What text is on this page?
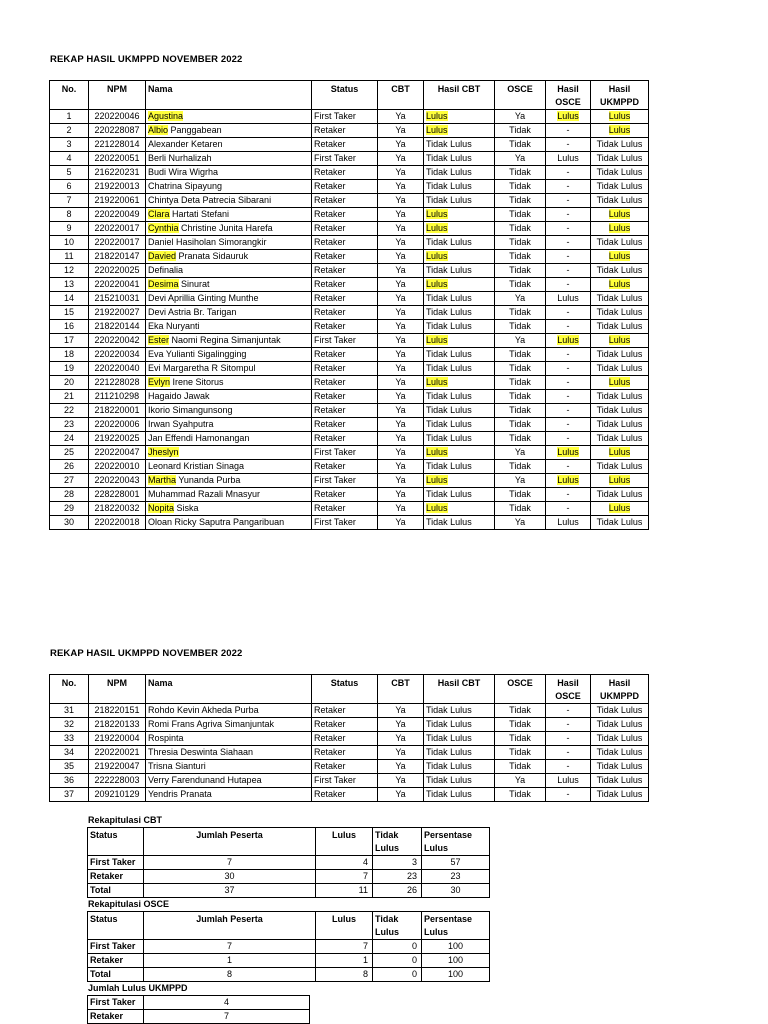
REKAP HASIL UKMPPD NOVEMBER 2022
No.	NPM	Nama	Status	CBT	Hasil CBT	OSCE	Hasil OSCE	Hasil UKMPPD
1	220220046	Agustina	First Taker	Ya	Lulus	Ya	Lulus	Lulus
2	220228087	Albio Panggabean	Retaker	Ya	Lulus	Tidak	-	Lulus
3	221228014	Alexander Ketaren	Retaker	Ya	Tidak Lulus	Tidak	-	Tidak Lulus
4	220220051	Berli Nurhalizah	First Taker	Ya	Tidak Lulus	Ya	Lulus	Tidak Lulus
5	216220231	Budi Wira Wigrha	Retaker	Ya	Tidak Lulus	Tidak	-	Tidak Lulus
6	219220013	Chatrina Sipayung	Retaker	Ya	Tidak Lulus	Tidak	-	Tidak Lulus
7	219220061	Chintya Deta Patrecia Sibarani	Retaker	Ya	Tidak Lulus	Tidak	-	Tidak Lulus
8	220220049	Clara Hartati Stefani	Retaker	Ya	Lulus	Tidak	-	Lulus
9	220220017	Cynthia Christine Junita Harefa	Retaker	Ya	Lulus	Tidak	-	Lulus
10	220220017	Daniel Hasiholan Simorangkir	Retaker	Ya	Tidak Lulus	Tidak	-	Tidak Lulus
11	218220147	Davied Pranata Sidauruk	Retaker	Ya	Lulus	Tidak	-	Lulus
12	220220025	Definalia	Retaker	Ya	Tidak Lulus	Tidak	-	Tidak Lulus
13	220220041	Desima Sinurat	Retaker	Ya	Lulus	Tidak	-	Lulus
14	215210031	Devi Aprillia Ginting Munthe	Retaker	Ya	Tidak Lulus	Ya	Lulus	Tidak Lulus
15	219220027	Devi Astria Br. Tarigan	Retaker	Ya	Tidak Lulus	Tidak	-	Tidak Lulus
16	218220144	Eka Nuryanti	Retaker	Ya	Tidak Lulus	Tidak	-	Tidak Lulus
17	220220042	Ester Naomi Regina Simanjuntak	First Taker	Ya	Lulus	Ya	Lulus	Lulus
18	220220034	Eva Yulianti Sigalingging	Retaker	Ya	Tidak Lulus	Tidak	-	Tidak Lulus
19	220220040	Evi Margaretha R Sitompul	Retaker	Ya	Tidak Lulus	Tidak	-	Tidak Lulus
20	221228028	Evlyn Irene Sitorus	Retaker	Ya	Lulus	Tidak	-	Lulus
21	211210298	Hagaido Jawak	Retaker	Ya	Tidak Lulus	Tidak	-	Tidak Lulus
22	218220001	Ikorio Simangunsong	Retaker	Ya	Tidak Lulus	Tidak	-	Tidak Lulus
23	220220006	Irwan Syahputra	Retaker	Ya	Tidak Lulus	Tidak	-	Tidak Lulus
24	219220025	Jan Effendi Hamonangan	Retaker	Ya	Tidak Lulus	Tidak	-	Tidak Lulus
25	220220047	Jheslyn	First Taker	Ya	Lulus	Ya	Lulus	Lulus
26	220220010	Leonard Kristian Sinaga	Retaker	Ya	Tidak Lulus	Tidak	-	Tidak Lulus
27	220220043	Martha Yunanda Purba	First Taker	Ya	Lulus	Ya	Lulus	Lulus
28	228228001	Muhammad Razali Mnasyur	Retaker	Ya	Tidak Lulus	Tidak	-	Tidak Lulus
29	218220032	Nopita Siska	Retaker	Ya	Lulus	Tidak	-	Lulus
30	220220018	Oloan Ricky Saputra Pangaribuan	First Taker	Ya	Tidak Lulus	Ya	Lulus	Tidak Lulus
REKAP HASIL UKMPPD NOVEMBER 2022
No.	NPM	Nama	Status	CBT	Hasil CBT	OSCE	Hasil OSCE	Hasil UKMPPD
31	218220151	Rohdo Kevin Akheda Purba	Retaker	Ya	Tidak Lulus	Tidak	-	Tidak Lulus
32	218220133	Romi Frans Agriva Simanjuntak	Retaker	Ya	Tidak Lulus	Tidak	-	Tidak Lulus
33	219220004	Rospinta	Retaker	Ya	Tidak Lulus	Tidak	-	Tidak Lulus
34	220220021	Thresia Deswinta Siahaan	Retaker	Ya	Tidak Lulus	Tidak	-	Tidak Lulus
35	219220047	Trisna Sianturi	Retaker	Ya	Tidak Lulus	Tidak	-	Tidak Lulus
36	222228003	Verry Farendunand Hutapea	First Taker	Ya	Tidak Lulus	Ya	Lulus	Tidak Lulus
37	209210129	Yendris Pranata	Retaker	Ya	Tidak Lulus	Tidak	-	Tidak Lulus
Rekapitulasi CBT
Status	Jumlah Peserta	Lulus	Tidak Lulus	Persentase Lulus
First Taker	7	4	3	57
Retaker	30	7	23	23
Total	37	11	26	30
Rekapitulasi OSCE
Status	Jumlah Peserta	Lulus	Tidak Lulus	Persentase Lulus
First Taker	7	7	0	100
Retaker	1	1	0	100
Total	8	8	0	100
Jumlah Lulus UKMPPD
First Taker	4
Retaker	7
